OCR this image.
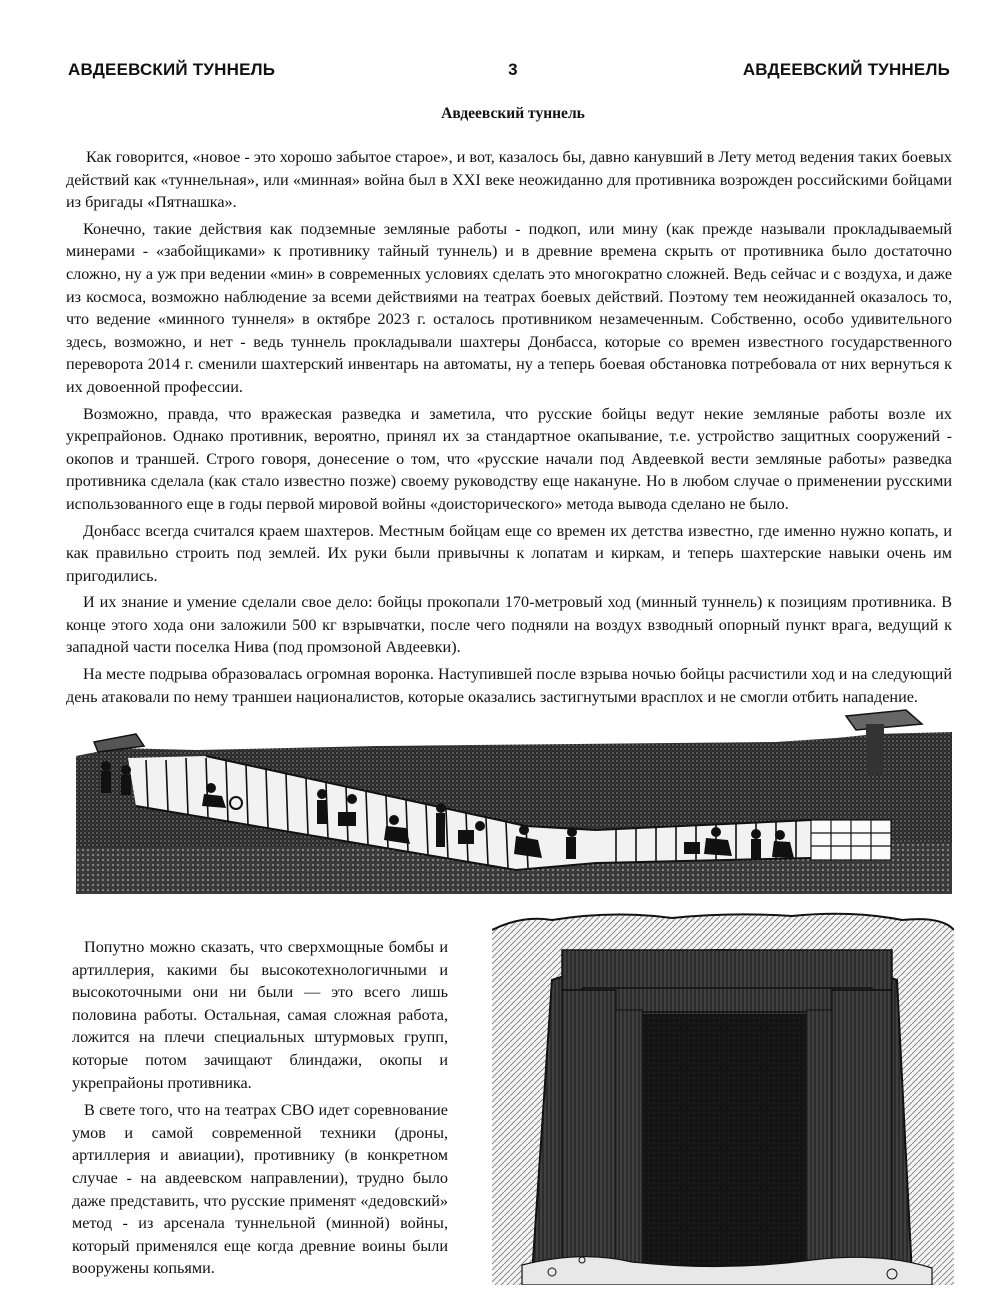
АВДЕЕВСКИЙ ТУННЕЛЬ	3	АВДЕЕВСКИЙ ТУННЕЛЬ
Авдеевский туннель

Как говорится, «новое - это хорошо забытое старое», и вот, казалось бы, давно канувший в Лету метод ведения таких боевых действий как «туннельная», или «минная» война был в XXI веке неожиданно для противника возрожден российскими бойцами из бригады «Пятнашка».

Конечно, такие действия как подземные земляные работы - подкоп, или мину (как прежде называли прокладываемый минерами - «забойщиками» к противнику тайный туннель) и в древние времена скрыть от противника было достаточно сложно, ну а уж при ведении «мин» в современных условиях сделать это многократно сложней. Ведь сейчас и с воздуха, и даже из космоса, возможно наблюдение за всеми действиями на театрах боевых действий. Поэтому тем неожиданней оказалось то, что ведение «минного туннеля» в октябре 2023 г. осталось противником незамеченным. Собственно, особо удивительного здесь, возможно, и нет - ведь туннель прокладывали шахтеры Донбасса, которые со времен известного государственного переворота 2014 г. сменили шахтерский инвентарь на автоматы, ну а теперь боевая обстановка потребовала от них вернуться к их довоенной профессии.

Возможно, правда, что вражеская разведка и заметила, что русские бойцы ведут некие земляные работы возле их укрепрайонов. Однако противник, вероятно, принял их за стандартное окапывание, т.е. устройство защитных сооружений - окопов и траншей. Строго говоря, донесение о том, что «русские начали под Авдеевкой вести земляные работы» разведка противника сделала (как стало известно позже) своему руководству еще накануне. Но в любом случае о применении русскими использованного еще в годы первой мировой войны «доисторического» метода вывода сделано не было.

Донбасс всегда считался краем шахтеров. Местным бойцам еще со времен их детства известно, где именно нужно копать, и как правильно строить под землей. Их руки были привычны к лопатам и киркам, и теперь шахтерские навыки очень им пригодились.

И их знание и умение сделали свое дело: бойцы прокопали 170-метровый ход (минный туннель) к позициям противника. В конце этого хода они заложили 500 кг взрывчатки, после чего подняли на воздух взводный опорный пункт врага, ведущий к западной части поселка Нива (под промзоной Авдеевки).

На месте подрыва образовалась огромная воронка. Наступившей после взрыва ночью бойцы расчистили ход и на следующий день атаковали по нему траншеи националистов, которые оказались застигнутыми врасплох и не смогли отбить нападение.

Попутно можно сказать, что сверхмощные бомбы и артиллерия, какими бы высокотехнологичными и высокоточными они ни были — это всего лишь половина работы. Остальная, самая сложная работа, ложится на плечи специальных штурмовых групп, которые потом зачищают блиндажи, окопы и укрепрайоны противника.

В свете того, что на театрах СВО идет соревнование умов и самой современной техники (дроны, артиллерия и авиации), противнику (в конкретном случае - на авдеевском направлении), трудно было даже представить, что русские применят «дедовский» метод - из арсенала туннельной (минной) войны, который применялся еще когда древние воины были вооружены копьями.
